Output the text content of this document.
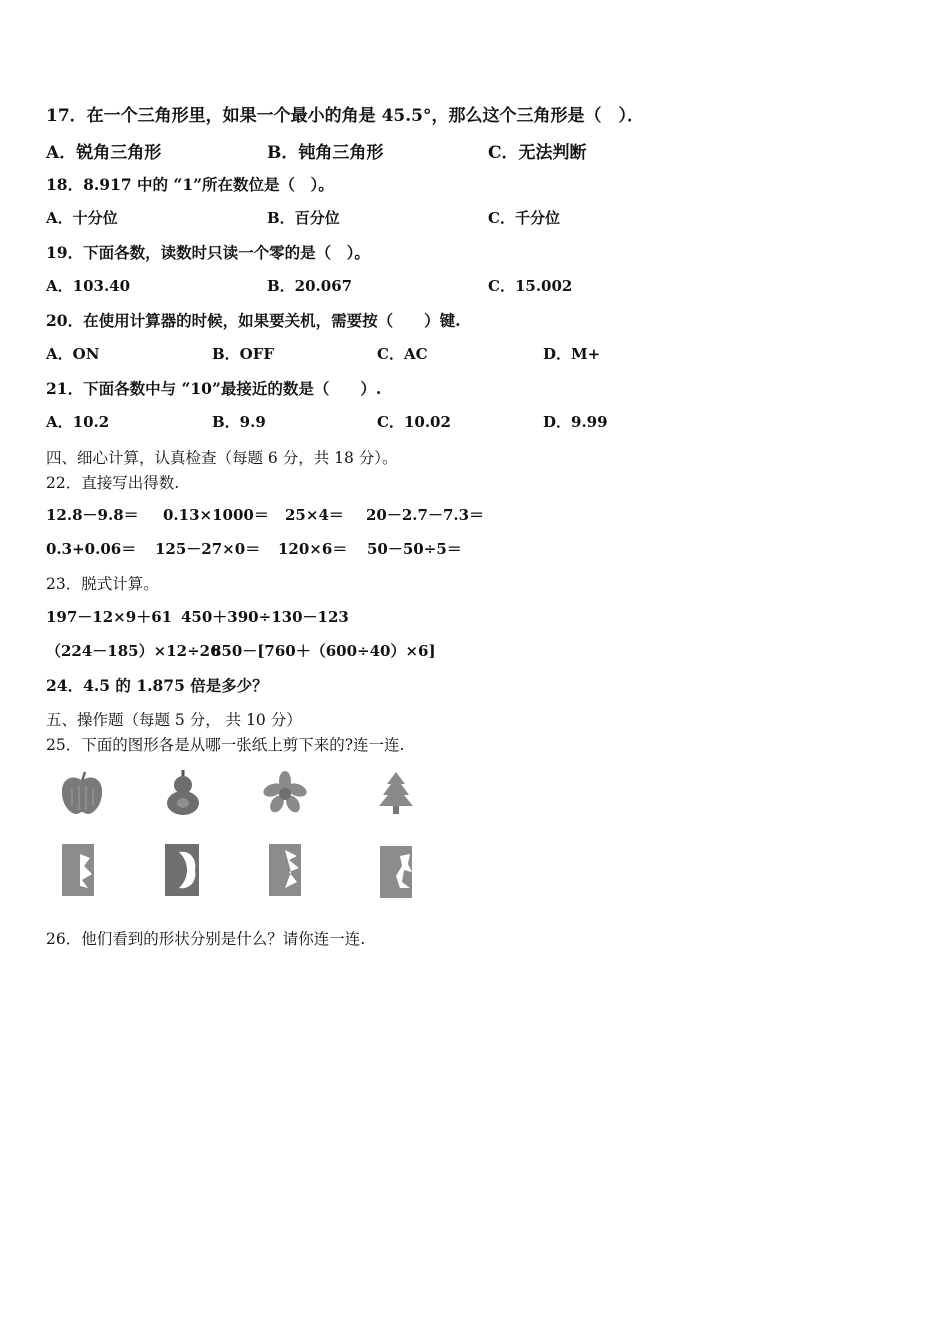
17．在一个三角形里，如果一个最小的角是 45.5°，那么这个三角形是（　）．
A．锐角三角形	B．钝角三角形	C．无法判断
18．8.917 中的 “1”所在数位是（　）。
A．十分位	B．百分位	C．千分位
19．下面各数，读数时只读一个零的是（　）。
A．103.40	B．20.067	C．15.002
20．在使用计算器的时候，如果要关机，需要按（　　）键.
A．ON	B．OFF	C．AC	D．M+
21．下面各数中与 “10”最接近的数是（　　）.
A．10.2	B．9.9	C．10.02	D．9.99
四、细心计算，认真检查（每题 6 分，共 18 分）。
22．直接写出得数.
12.8－9.8＝ 0.13×1000＝ 25×4＝ 20－2.7－7.3＝
0.3+0.06＝ 125－27×0＝ 120×6＝ 50－50÷5＝
23．脱式计算。
197－12×9＋61 450＋390÷130－123
（224－185）×12÷26
850－[760＋（600÷40）×6]
24．4.5 的 1.875 倍是多少？
五、操作题（每题 5 分， 共 10 分）
25．下面的图形各是从哪一张纸上剪下来的?连一连.
26．他们看到的形状分别是什么？请你连一连.
